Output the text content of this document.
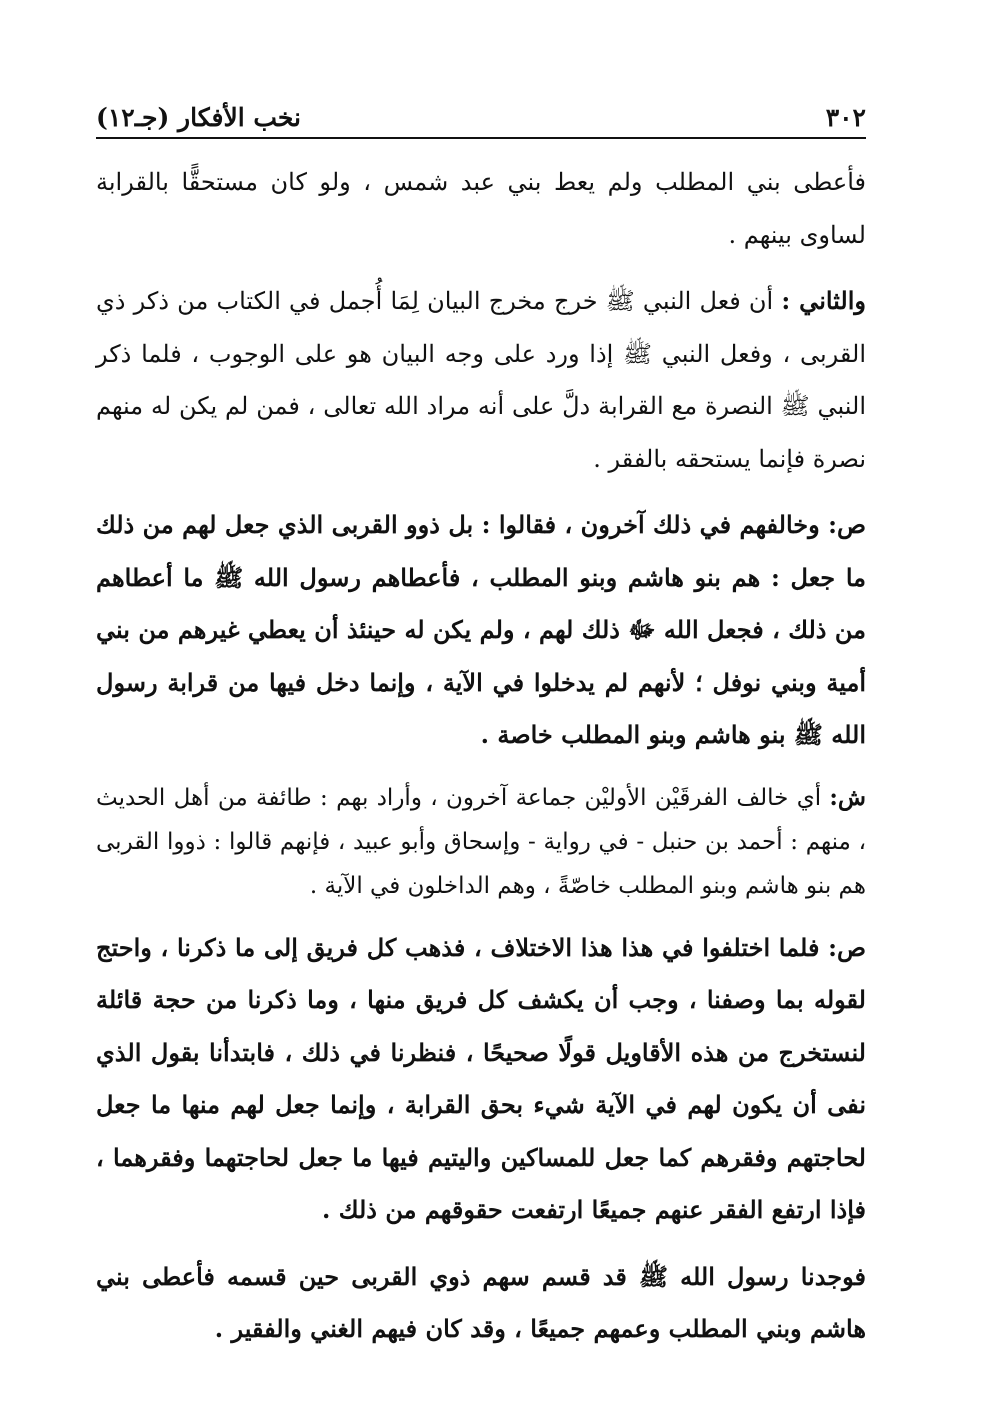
٣٠٢
نخب الأفكار (جـ١٢)

فأعطى بني المطلب ولم يعط بني عبد شمس ، ولو كان مستحقًّا بالقرابة لساوى بينهم .

والثاني : أن فعل النبي ﷺ خرج مخرج البيان لِمَا أُجمل في الكتاب من ذكر ذي القربى ، وفعل النبي ﷺ إذا ورد على وجه البيان هو على الوجوب ، فلما ذكر النبي ﷺ النصرة مع القرابة دلَّ على أنه مراد الله تعالى ، فمن لم يكن له منهم نصرة فإنما يستحقه بالفقر .

ص: وخالفهم في ذلك آخرون ، فقالوا : بل ذوو القربى الذي جعل لهم من ذلك ما جعل : هم بنو هاشم وبنو المطلب ، فأعطاهم رسول الله ﷺ ما أعطاهم من ذلك ، فجعل الله ﷻ ذلك لهم ، ولم يكن له حينئذ أن يعطي غيرهم من بني أمية وبني نوفل ؛ لأنهم لم يدخلوا في الآية ، وإنما دخل فيها من قرابة رسول الله ﷺ بنو هاشم وبنو المطلب خاصة .

ش: أي خالف الفرقَيْن الأوليْن جماعة آخرون ، وأراد بهم : طائفة من أهل الحديث ، منهم : أحمد بن حنبل - في رواية - وإسحاق وأبو عبيد ، فإنهم قالوا : ذووا القربى هم بنو هاشم وبنو المطلب خاصّةً ، وهم الداخلون في الآية .

ص: فلما اختلفوا في هذا هذا الاختلاف ، فذهب كل فريق إلى ما ذكرنا ، واحتج لقوله بما وصفنا ، وجب أن يكشف كل فريق منها ، وما ذكرنا من حجة قائلة لنستخرج من هذه الأقاويل قولًا صحيحًا ، فنظرنا في ذلك ، فابتدأنا بقول الذي نفى أن يكون لهم في الآية شيء بحق القرابة ، وإنما جعل لهم منها ما جعل لحاجتهم وفقرهم كما جعل للمساكين واليتيم فيها ما جعل لحاجتهما وفقرهما ، فإذا ارتفع الفقر عنهم جميعًا ارتفعت حقوقهم من ذلك .

فوجدنا رسول الله ﷺ قد قسم سهم ذوي القربى حين قسمه فأعطى بني هاشم وبني المطلب وعمهم جميعًا ، وقد كان فيهم الغني والفقير .
